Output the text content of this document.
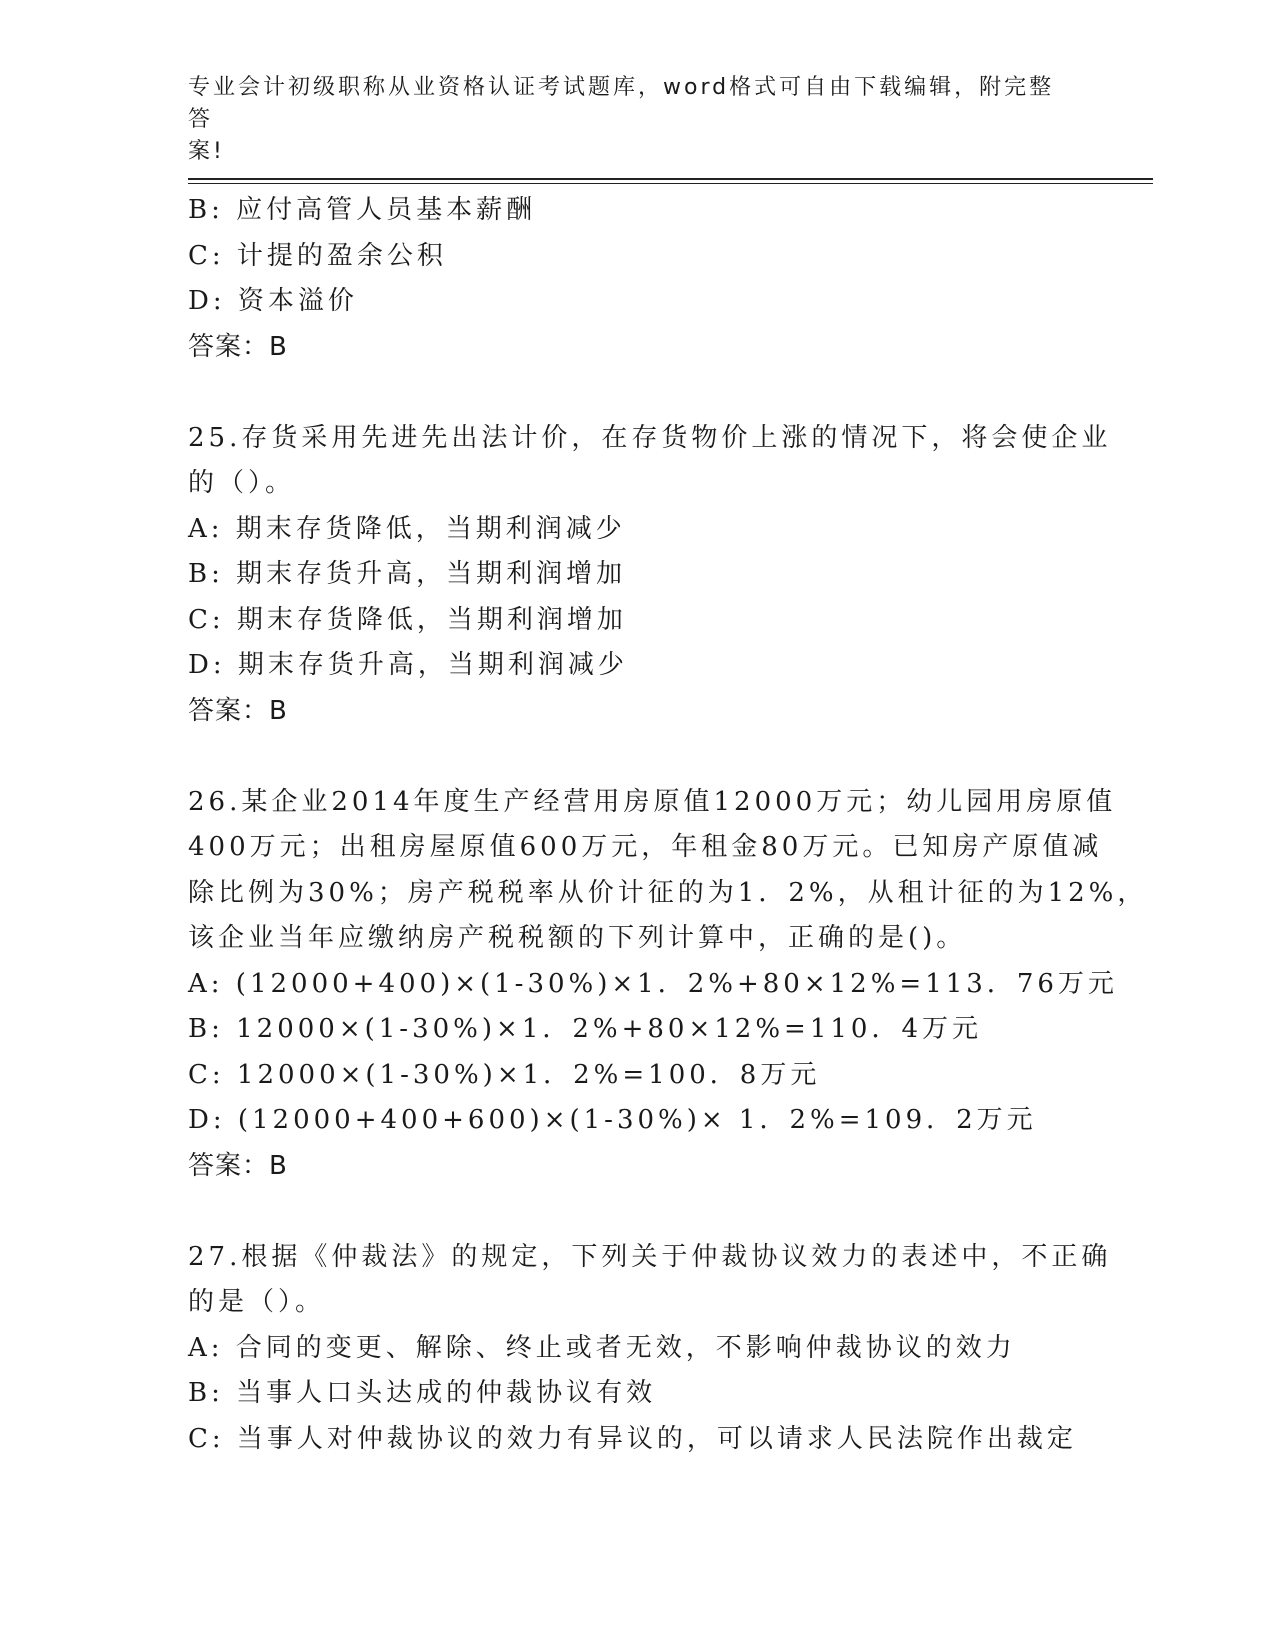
专业会计初级职称从业资格认证考试题库，word格式可自由下载编辑，附完整答
案!
B: 应付高管人员基本薪酬
C: 计提的盈余公积
D: 资本溢价
答案：B
25.存货采用先进先出法计价，在存货物价上涨的情况下，将会使企业
的（）。
A: 期末存货降低，当期利润减少
B: 期末存货升高，当期利润增加
C: 期末存货降低，当期利润增加
D: 期末存货升高，当期利润减少
答案：B
26.某企业2014年度生产经营用房原值12000万元；幼儿园用房原值
400万元；出租房屋原值600万元，年租金80万元。已知房产原值减
除比例为30%；房产税税率从价计征的为1．2%，从租计征的为12%，
该企业当年应缴纳房产税税额的下列计算中，正确的是()。
A: (12000+400)×(1-30%)×1．2%+80×12%=113．76万元
B: 12000×(1-30%)×1．2%+80×12%=110．4万元
C: 12000×(1-30%)×1．2%=100．8万元
D: (12000+400+600)×(1-30%)× 1．2%=109．2万元
答案：B
27.根据《仲裁法》的规定，下列关于仲裁协议效力的表述中，不正确
的是（）。
A: 合同的变更、解除、终止或者无效，不影响仲裁协议的效力
B: 当事人口头达成的仲裁协议有效
C: 当事人对仲裁协议的效力有异议的，可以请求人民法院作出裁定
